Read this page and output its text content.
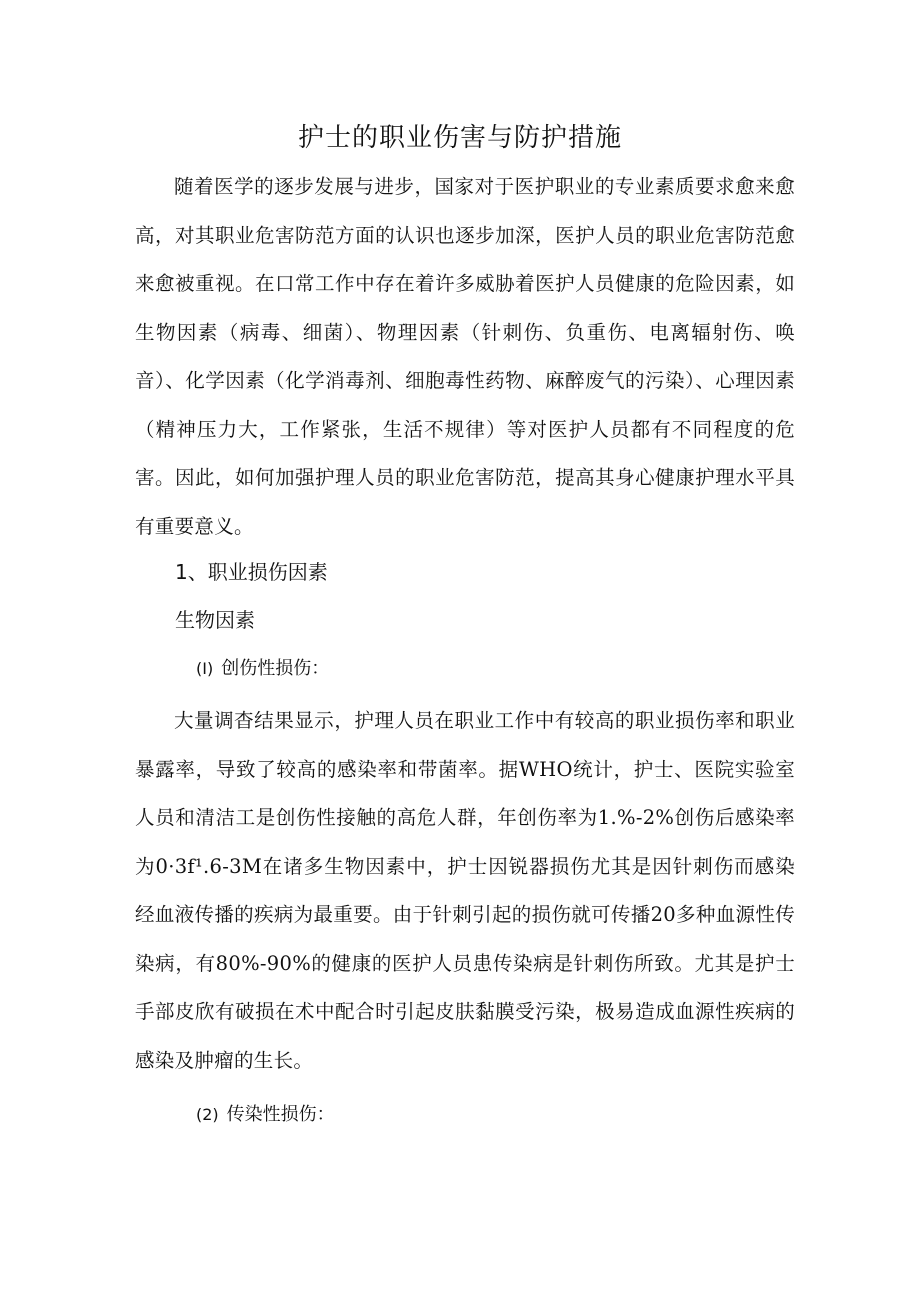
护士的职业伤害与防护措施

随着医学的逐步发展与进步，国家对于医护职业的专业素质要求愈来愈高，对其职业危害防范方面的认识也逐步加深，医护人员的职业危害防范愈来愈被重视。在口常工作中存在着许多威胁着医护人员健康的危险因素，如生物因素（病毒、细菌）、物理因素（针刺伤、负重伤、电离辐射伤、唤音）、化学因素（化学消毒剂、细胞毒性药物、麻醉废气的污染）、心理因素（精神压力大，工作紧张，生活不规律）等对医护人员都有不同程度的危害。因此，如何加强护理人员的职业危害防范，提高其身心健康护理水平具有重要意义。

1、职业损伤因素
生物因素

(I) 创伤性损伤：

大量调杳结果显示，护理人员在职业工作中有较高的职业损伤率和职业暴露率，导致了较高的感染率和带菌率。据WHO统计，护士、医院实验室人员和清洁工是创伤性接触的高危人群，年创伤率为1.%-2%创伤后感染率为0·3f¹.6-3M在诸多生物因素中，护士因锐器损伤尤其是因针刺伤而感染经血液传播的疾病为最重要。由于针刺引起的损伤就可传播20多种血源性传染病，有80%-90%的健康的医护人员患传染病是针刺伤所致。尤其是护士手部皮欣有破损在术中配合时引起皮肤黏膜受污染，极易造成血源性疾病的感染及肿瘤的生长。

(2) 传染性损伤：
